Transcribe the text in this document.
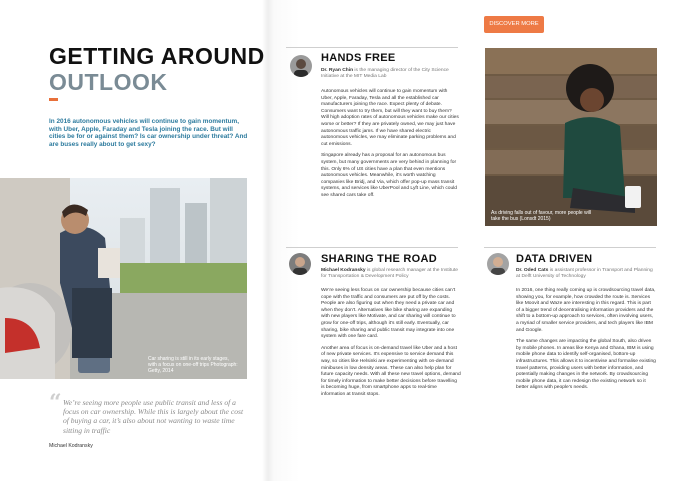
GETTING AROUND
OUTLOOK
In 2016 autonomous vehicles will continue to gain momentum, with Uber, Apple, Faraday and Tesla joining the race. But will cities be for or against them? Is car ownership under threat? And are buses really about to get sexy?
Car sharing is still in its early stages, with a focus on one-off trips Photograph: Getty, 2014
“ We’re seeing more people use public transit and less of a focus on car ownership. While this is largely about the cost of buying a car, it’s also about not wanting to waste time sitting in traffic
Michael Kodransky
HANDS FREE
Dr. Ryan Chin is the managing director of the City Science Initiative at the MIT Media Lab

Autonomous vehicles will continue to gain momentum with Uber, Apple, Faraday, Tesla and all the established car manufacturers joining the race. Expect plenty of debate. Consumers want to try them, but will they want to buy them? Will high adoption rates of autonomous vehicles make our cities worse or better? If they are privately owned, we may just have autonomous traffic jams. If we have shared electric autonomous vehicles, we may eliminate parking problems and cut emissions.

Singapore already has a proposal for an autonomous bus system, but many governments are very behind in planning for this. Only 6% of US cities have a plan that even mentions autonomous vehicles. Meanwhile, it’s worth watching companies like Bridj, and Via, which offer pop-up mass transit systems, and services like UberPool and Lyft Line, which could see shared cars take off.

SHARING THE ROAD
Michael Kodransky is global research manager at the Institute for Transportation & Development Policy

We’re seeing less focus on car ownership because cities can’t cope with the traffic and consumers are put off by the costs. People are also figuring out when they need a private car and when they don’t. Alternatives like bike sharing are expanding with new players like Motivate, and car sharing will continue to grow for one-off trips, although it’s still early. Eventually, car sharing, bike sharing and public transit may integrate into one system with one fare card.

Another area of focus is on-demand travel like Uber and a host of new private services. It’s expensive to service demand this way, so cities like Helsinki are experimenting with on-demand minibuses in low density areas. These can also help plan for future capacity needs. With all these new travel options, demand for timely information to make better decisions before travelling is becoming huge, from smartphone apps to real-time information at transit stops.

DISCOVER MORE
As driving falls out of favour, more people will take the bus (Lonsdt 2015)
DATA DRIVEN
Dr. Oded Cats is assistant professor in Transport and Planning at Delft University of Technology

In 2016, one thing really coming up is crowdsourcing travel data, showing you, for example, how crowded the route is. Services like Moovit and Waze are interesting in this regard. This is part of a bigger trend of decentralising information providers and the shift to a bottom-up approach to services, often involving users, a myriad of smaller service providers, and tech players like IBM and Google.

The same changes are impacting the global South, also driven by mobile phones. In areas like Kenya and Ghana, IBM is using mobile phone data to identify self-organised, bottom-up infrastructures. This allows it to incentivise and formalise existing travel patterns, providing users with better information, and potentially making changes in the network. By crowdsourcing mobile phone data, it can redesign the existing network so it better aligns with people’s needs.
